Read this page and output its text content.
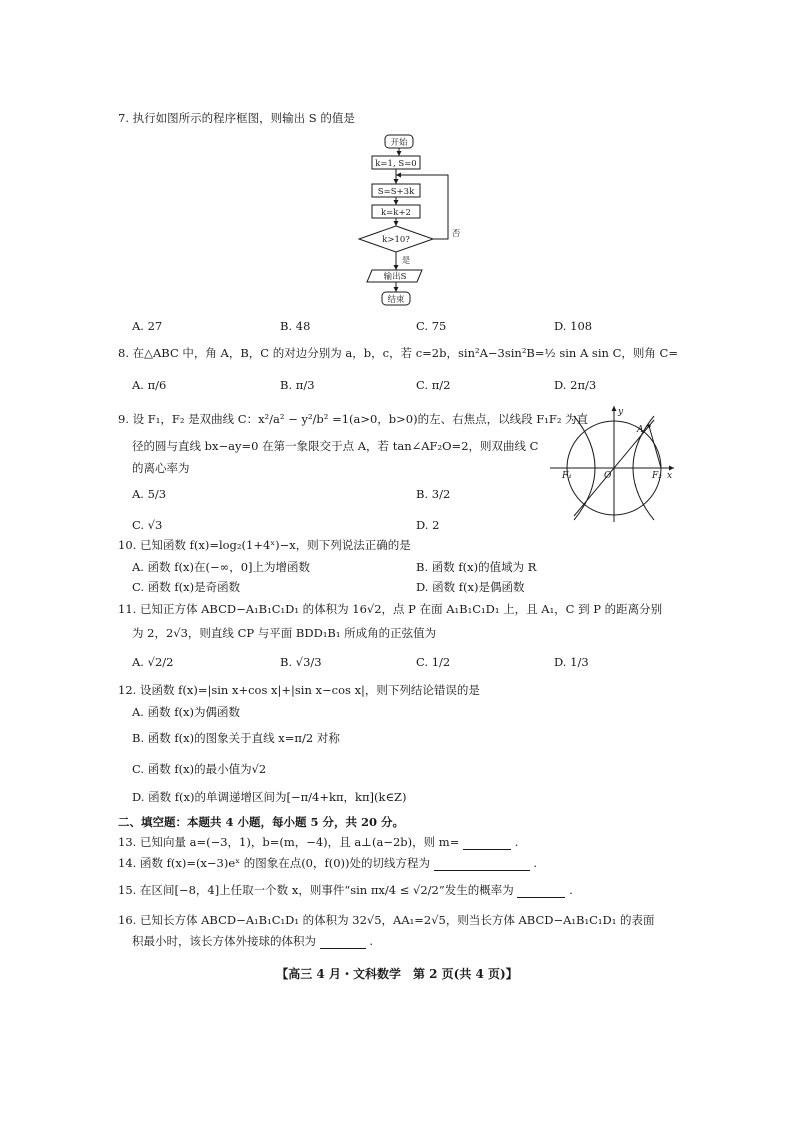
7. 执行如图所示的程序框图，则输出 S 的值是
开始
k=1, S=0
S=S+3k
k=k+2
k>10?
是
否
输出S
结束
A. 27	B. 48	C. 75	D. 108
8. 在△ABC 中，角 A，B，C 的对边分别为 a，b，c，若 c=2b，sin²A−3sin²B=½ sin A sin C，则角 C=
A. π/6	B. π/3	C. π/2	D. 2π/3
9. 设 F₁，F₂ 是双曲线 C：x²/a² − y²/b² =1(a>0，b>0)的左、右焦点，以线段 F₁F₂ 为直
径的圆与直线 bx−ay=0 在第一象限交于点 A，若 tan∠AF₂O=2，则双曲线 C
的离心率为
A. 5/3	B. 3/2
C. √3	D. 2
y
x
A
F₁	O	F₂
10. 已知函数 f(x)=log₂(1+4ˣ)−x，则下列说法正确的是
A. 函数 f(x)在(−∞，0]上为增函数	B. 函数 f(x)的值域为 R
C. 函数 f(x)是奇函数	D. 函数 f(x)是偶函数
11. 已知正方体 ABCD−A₁B₁C₁D₁ 的体积为 16√2，点 P 在面 A₁B₁C₁D₁ 上，且 A₁，C 到 P 的距离分别
为 2，2√3，则直线 CP 与平面 BDD₁B₁ 所成角的正弦值为
A. √2/2	B. √3/3	C. 1/2	D. 1/3
12. 设函数 f(x)=|sin x+cos x|+|sin x−cos x|，则下列结论错误的是
A. 函数 f(x)为偶函数
B. 函数 f(x)的图象关于直线 x=π/2 对称
C. 函数 f(x)的最小值为√2
D. 函数 f(x)的单调递增区间为[−π/4+kπ，kπ](k∈Z)
二、填空题：本题共 4 小题，每小题 5 分，共 20 分。
13. 已知向量 a=(−3，1)，b=(m，−4)，且 a⊥(a−2b)，则 m=	.
14. 函数 f(x)=(x−3)eˣ 的图象在点(0，f(0))处的切线方程为	.
15. 在区间[−8，4]上任取一个数 x，则事件“sin πx/4 ≤ √2/2”发生的概率为	.
16. 已知长方体 ABCD−A₁B₁C₁D₁ 的体积为 32√5，AA₁=2√5，则当长方体 ABCD−A₁B₁C₁D₁ 的表面
积最小时，该长方体外接球的体积为	.
【高三 4 月・文科数学　第 2 页(共 4 页)】
